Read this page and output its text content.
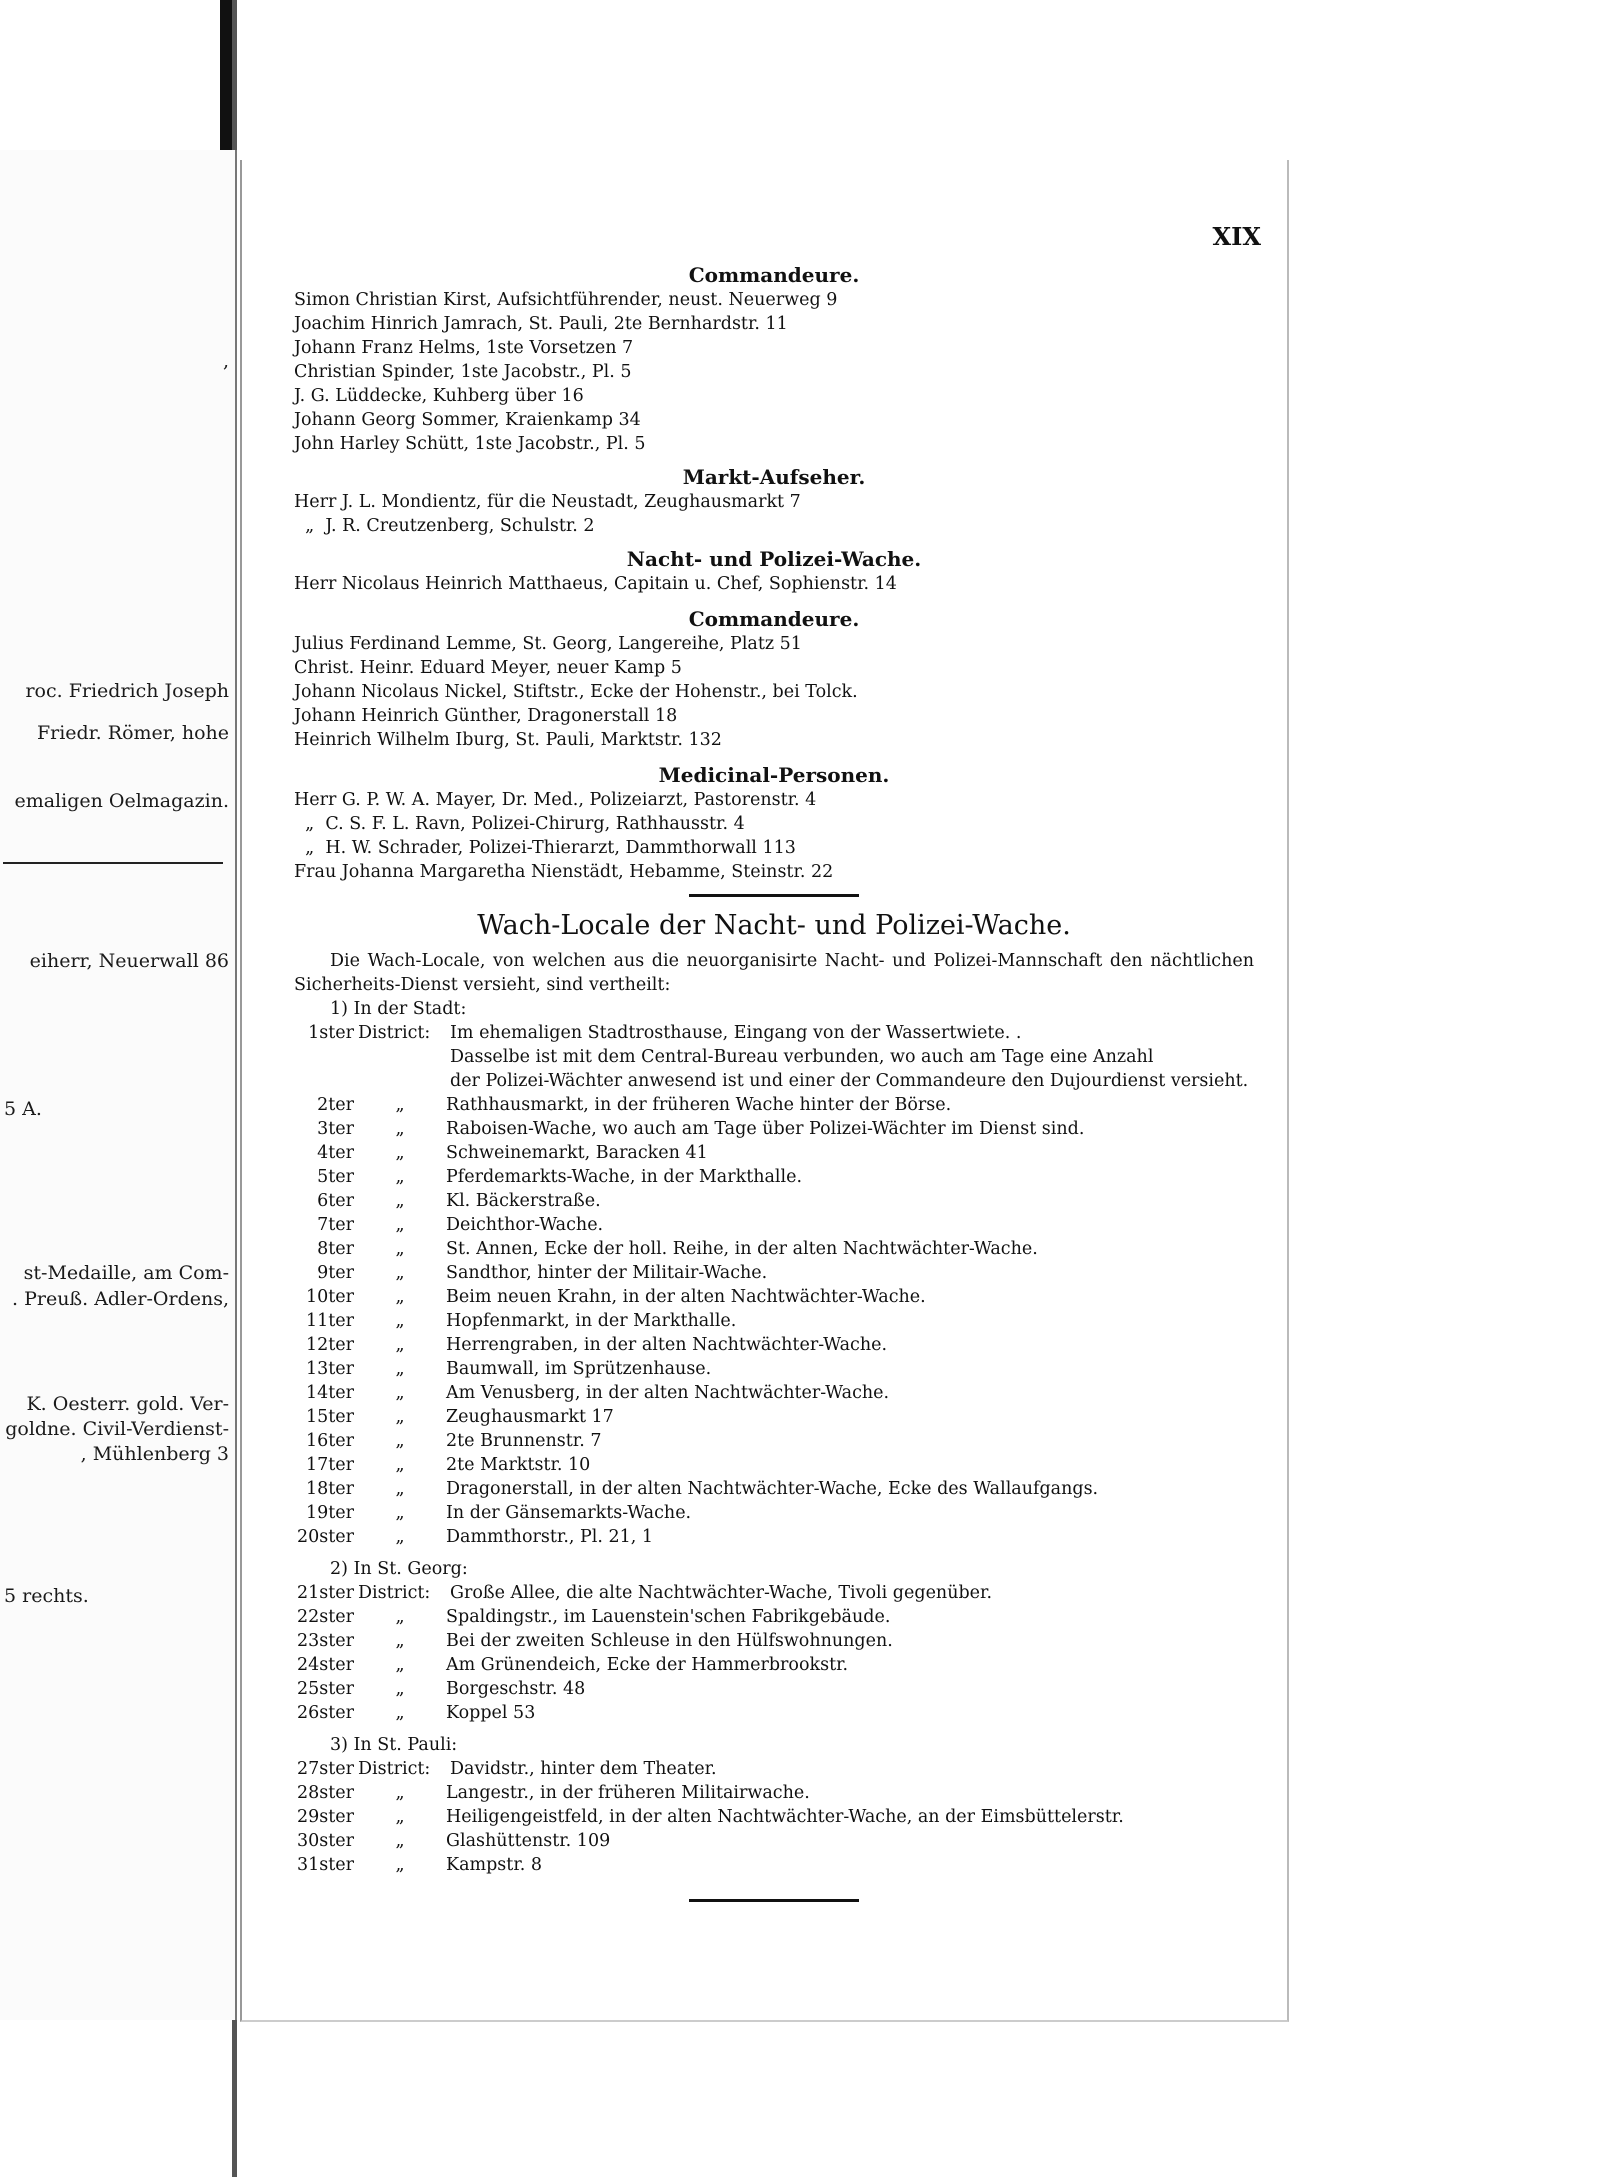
,
roc. Friedrich Joseph
Friedr. Römer, hohe
emaligen Oelmagazin.
eiherr, Neuerwall 86
5 A.
st-Medaille, am Com-
. Preuß. Adler-Ordens,
K. Oesterr. gold. Ver-
goldne. Civil-Verdienst-
, Mühlenberg 3
5 rechts.
XIX
Commandeure.
Simon Christian Kirst, Aufsichtführender, neust. Neuerweg 9
Joachim Hinrich Jamrach, St. Pauli, 2te Bernhardstr. 11
Johann Franz Helms, 1ste Vorsetzen 7
Christian Spinder, 1ste Jacobstr., Pl. 5
J. G. Lüddecke, Kuhberg über 16
Johann Georg Sommer, Kraienkamp 34
John Harley Schütt, 1ste Jacobstr., Pl. 5
Markt-Aufseher.
Herr J. L. Mondientz, für die Neustadt, Zeughausmarkt 7
„  J. R. Creutzenberg, Schulstr. 2
Nacht- und Polizei-Wache.
Herr Nicolaus Heinrich Matthaeus, Capitain u. Chef, Sophienstr. 14
Commandeure.
Julius Ferdinand Lemme, St. Georg, Langereihe, Platz 51
Christ. Heinr. Eduard Meyer, neuer Kamp 5
Johann Nicolaus Nickel, Stiftstr., Ecke der Hohenstr., bei Tolck.
Johann Heinrich Günther, Dragonerstall 18
Heinrich Wilhelm Iburg, St. Pauli, Marktstr. 132
Medicinal-Personen.
Herr G. P. W. A. Mayer, Dr. Med., Polizeiarzt, Pastorenstr. 4
„  C. S. F. L. Ravn, Polizei-Chirurg, Rathhausstr. 4
„  H. W. Schrader, Polizei-Thierarzt, Dammthorwall 113
Frau Johanna Margaretha Nienstädt, Hebamme, Steinstr. 22
Wach-Locale der Nacht- und Polizei-Wache.

Die Wach-Locale, von welchen aus die neuorganisirte Nacht- und Polizei-Mannschaft den nächtlichen Sicherheits-Dienst versieht, sind vertheilt:

1) In der Stadt:
1ster District:	Im ehemaligen Stadtrosthause, Eingang von der Wassertwiete. .
Dasselbe ist mit dem Central-Bureau verbunden, wo auch am Tage eine Anzahl
der Polizei-Wächter anwesend ist und einer der Commandeure den Dujourdienst versieht.
2ter	„	Rathhausmarkt, in der früheren Wache hinter der Börse.
3ter	„	Raboisen-Wache, wo auch am Tage über Polizei-Wächter im Dienst sind.
4ter	„	Schweinemarkt, Baracken 41
5ter	„	Pferdemarkts-Wache, in der Markthalle.
6ter	„	Kl. Bäckerstraße.
7ter	„	Deichthor-Wache.
8ter	„	St. Annen, Ecke der holl. Reihe, in der alten Nachtwächter-Wache.
9ter	„	Sandthor, hinter der Militair-Wache.
10ter	„	Beim neuen Krahn, in der alten Nachtwächter-Wache.
11ter	„	Hopfenmarkt, in der Markthalle.
12ter	„	Herrengraben, in der alten Nachtwächter-Wache.
13ter	„	Baumwall, im Sprützenhause.
14ter	„	Am Venusberg, in der alten Nachtwächter-Wache.
15ter	„	Zeughausmarkt 17
16ter	„	2te Brunnenstr. 7
17ter	„	2te Marktstr. 10
18ter	„	Dragonerstall, in der alten Nachtwächter-Wache, Ecke des Wallaufgangs.
19ter	„	In der Gänsemarkts-Wache.
20ster	„	Dammthorstr., Pl. 21, 1
2) In St. Georg:
21ster District:	Große Allee, die alte Nachtwächter-Wache, Tivoli gegenüber.
22ster	„	Spaldingstr., im Lauenstein'schen Fabrikgebäude.
23ster	„	Bei der zweiten Schleuse in den Hülfswohnungen.
24ster	„	Am Grünendeich, Ecke der Hammerbrookstr.
25ster	„	Borgeschstr. 48
26ster	„	Koppel 53
3) In St. Pauli:
27ster District:	Davidstr., hinter dem Theater.
28ster	„	Langestr., in der früheren Militairwache.
29ster	„	Heiligengeistfeld, in der alten Nachtwächter-Wache, an der Eimsbüttelerstr.
30ster	„	Glashüttenstr. 109
31ster	„	Kampstr. 8
